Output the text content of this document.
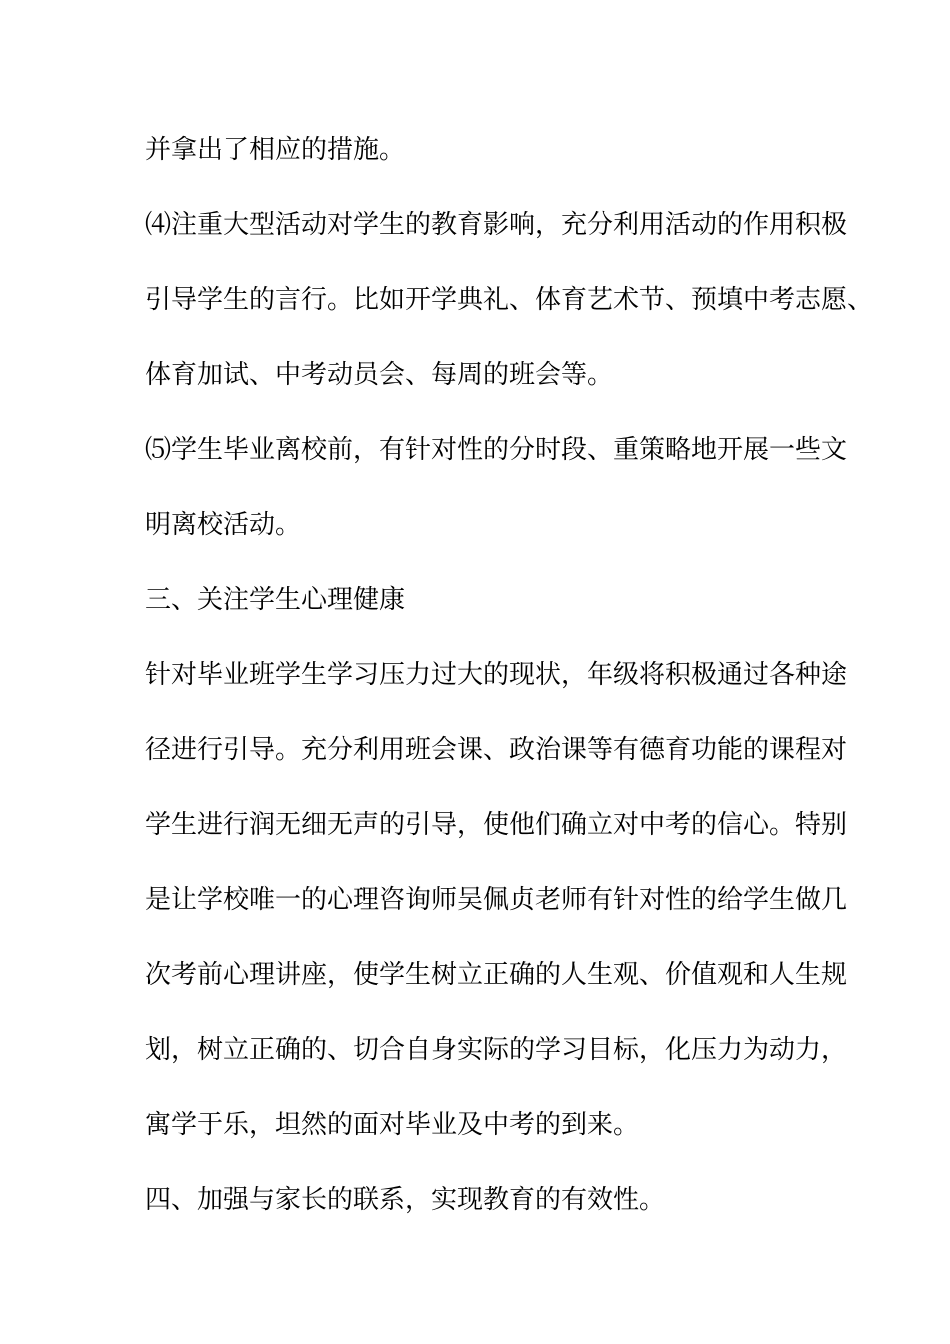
并拿出了相应的措施。
⑷注重大型活动对学生的教育影响，充分利用活动的作用积极
引导学生的言行。比如开学典礼、体育艺术节、预填中考志愿、
体育加试、中考动员会、每周的班会等。
⑸学生毕业离校前，有针对性的分时段、重策略地开展一些文
明离校活动。
三、关注学生心理健康
针对毕业班学生学习压力过大的现状，年级将积极通过各种途
径进行引导。充分利用班会课、政治课等有德育功能的课程对
学生进行润无细无声的引导，使他们确立对中考的信心。特别
是让学校唯一的心理咨询师吴佩贞老师有针对性的给学生做几
次考前心理讲座，使学生树立正确的人生观、价值观和人生规
划，树立正确的、切合自身实际的学习目标，化压力为动力，
寓学于乐，坦然的面对毕业及中考的到来。
四、加强与家长的联系，实现教育的有效性。
